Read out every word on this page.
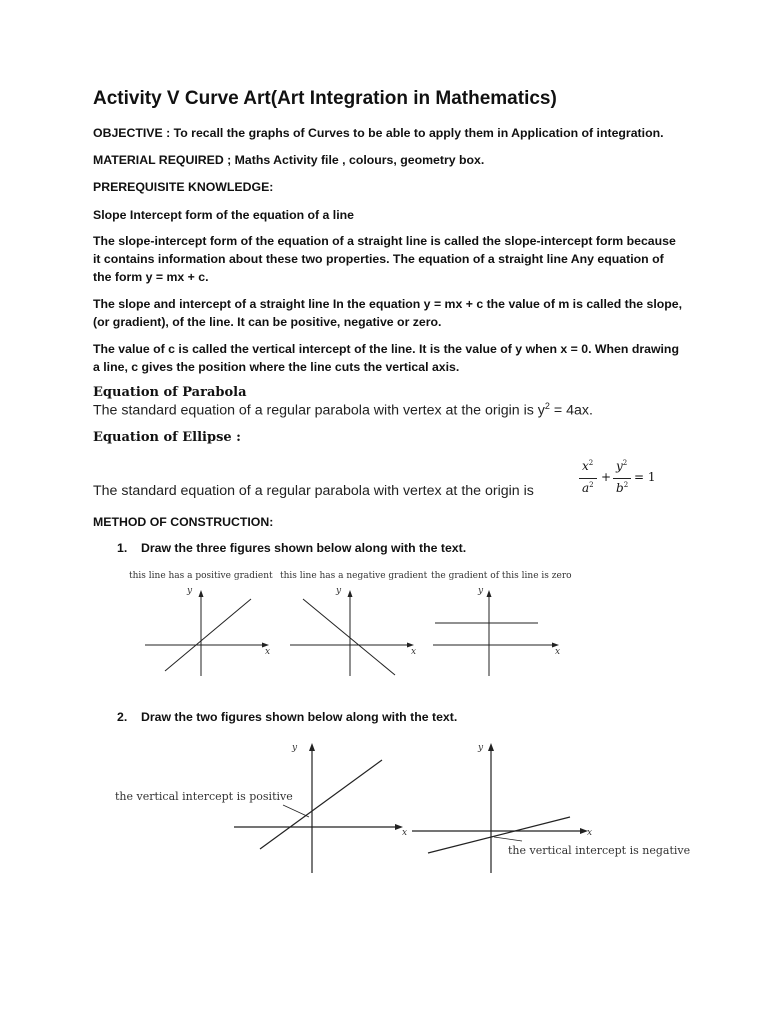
Activity V Curve Art(Art Integration in Mathematics)
OBJECTIVE : To recall the graphs of Curves to be able to apply them in Application of integration.
MATERIAL REQUIRED ; Maths Activity file , colours, geometry box.
PREREQUISITE KNOWLEDGE:
Slope Intercept form of the equation of a line
The slope-intercept form of the equation of a straight line is called the slope-intercept form because it contains information about these two properties. The equation of a straight line Any equation of the form y = mx + c.
The slope and intercept of a straight line In the equation y = mx + c the value of m is called the slope, (or gradient), of the line. It can be positive, negative or zero.
The value of c is called the vertical intercept of the line. It is the value of y when x = 0. When drawing a line, c gives the position where the line cuts the vertical axis.
Equation of Parabola
The standard equation of a regular parabola with vertex at the origin is $y^2 = 4ax$.
Equation of Ellipse :
The standard equation of a regular parabola with vertex at the origin is
$x^2$
$a^2$
+
$y^2$
$b^2$
= 1
METHOD OF CONSTRUCTION:
1. Draw the three figures shown below along with the text.
this line has a positive gradient
y
x
this line has a negative gradient
y
x
the gradient of this line is zero
y
x
2. Draw the two figures shown below along with the text.
the vertical intercept is positive
y
x
the vertical intercept is negative
y
x
